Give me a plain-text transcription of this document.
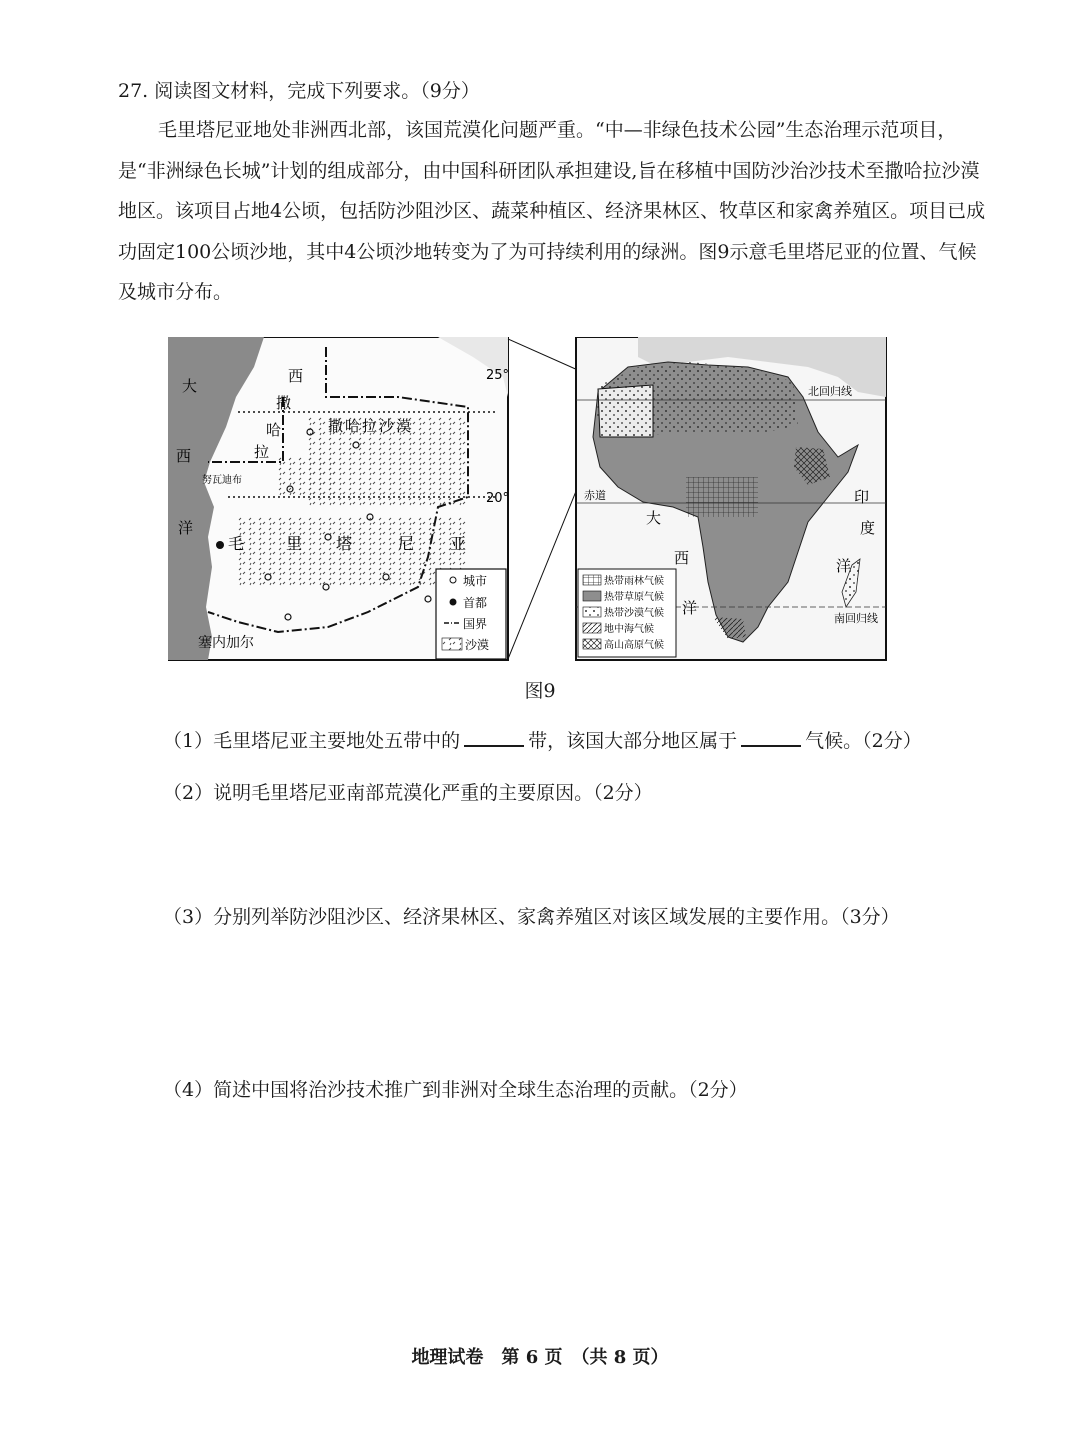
27. 阅读图文材料，完成下列要求。（9分）
毛里塔尼亚地处非洲西北部，该国荒漠化问题严重。“中—非绿色技术公园”生态治理示范项目，是“非洲绿色长城”计划的组成部分，由中国科研团队承担建设,旨在移植中国防沙治沙技术至撒哈拉沙漠地区。该项目占地4公顷，包括防沙阻沙区、蔬菜种植区、经济果林区、牧草区和家禽养殖区。项目已成功固定100公顷沙地，其中4公顷沙地转变为了为可持续利用的绿洲。图9示意毛里塔尼亚的位置、气候及城市分布。
大
西
洋
西
撒
哈
拉
撒哈拉沙漠
努瓦迪布
毛	里 塔	尼 亚
塞内加尔
25°
20°
城市
首都
国界
沙漠
北回归线
赤道
南回归线
印
度
洋
大
西
洋
热带雨林气候
热带草原气候
热带沙漠气候
地中海气候
高山高原气候
图9
（1）毛里塔尼亚主要地处五带中的	带，该国大部分地区属于	气候。（2分）
（2）说明毛里塔尼亚南部荒漠化严重的主要原因。（2分）
（3）分别列举防沙阻沙区、经济果林区、家禽养殖区对该区域发展的主要作用。（3分）
（4）简述中国将治沙技术推广到非洲对全球生态治理的贡献。（2分）
地理试卷　第 6 页　（共 8 页）
